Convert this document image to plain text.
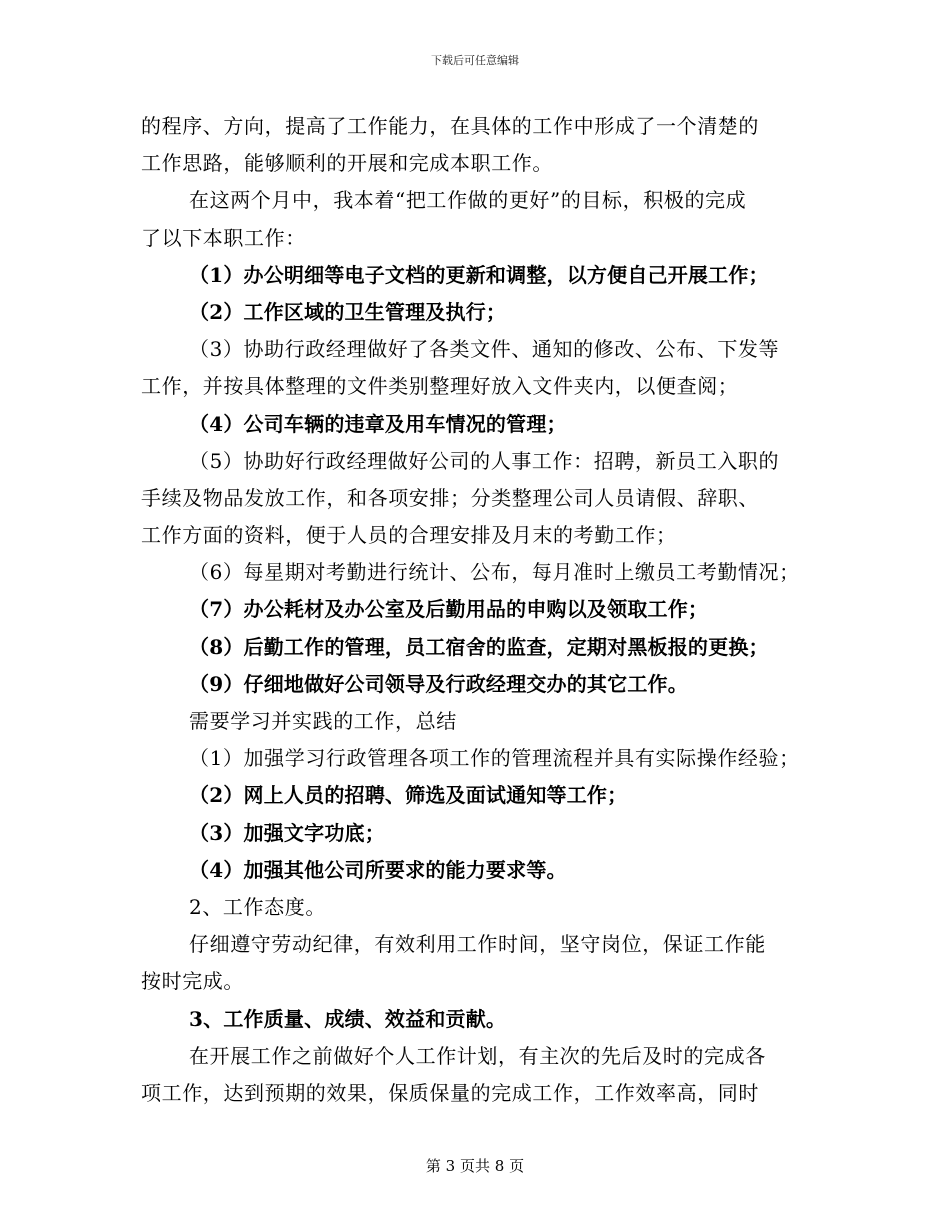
下载后可任意编辑
的程序、方向，提高了工作能力，在具体的工作中形成了一个清楚的
工作思路，能够顺利的开展和完成本职工作。
在这两个月中，我本着“把工作做的更好”的目标，积极的完成
了以下本职工作：
（1）办公明细等电子文档的更新和调整，以方便自己开展工作；
（2）工作区域的卫生管理及执行；
（3）协助行政经理做好了各类文件、通知的修改、公布、下发等
工作，并按具体整理的文件类别整理好放入文件夹内，以便查阅；
（4）公司车辆的违章及用车情况的管理；
（5）协助好行政经理做好公司的人事工作：招聘，新员工入职的
手续及物品发放工作，和各项安排；分类整理公司人员请假、辞职、
工作方面的资料，便于人员的合理安排及月末的考勤工作；
（6）每星期对考勤进行统计、公布，每月准时上缴员工考勤情况；
（7）办公耗材及办公室及后勤用品的申购以及领取工作；
（8）后勤工作的管理，员工宿舍的监查，定期对黑板报的更换；
（9）仔细地做好公司领导及行政经理交办的其它工作。
需要学习并实践的工作，总结
（1）加强学习行政管理各项工作的管理流程并具有实际操作经验；
（2）网上人员的招聘、筛选及面试通知等工作；
（3）加强文字功底；
（4）加强其他公司所要求的能力要求等。
2、工作态度。
仔细遵守劳动纪律，有效利用工作时间，坚守岗位，保证工作能
按时完成。
3、工作质量、成绩、效益和贡献。
在开展工作之前做好个人工作计划，有主次的先后及时的完成各
项工作，达到预期的效果，保质保量的完成工作，工作效率高，同时
第 3 页共 8 页
